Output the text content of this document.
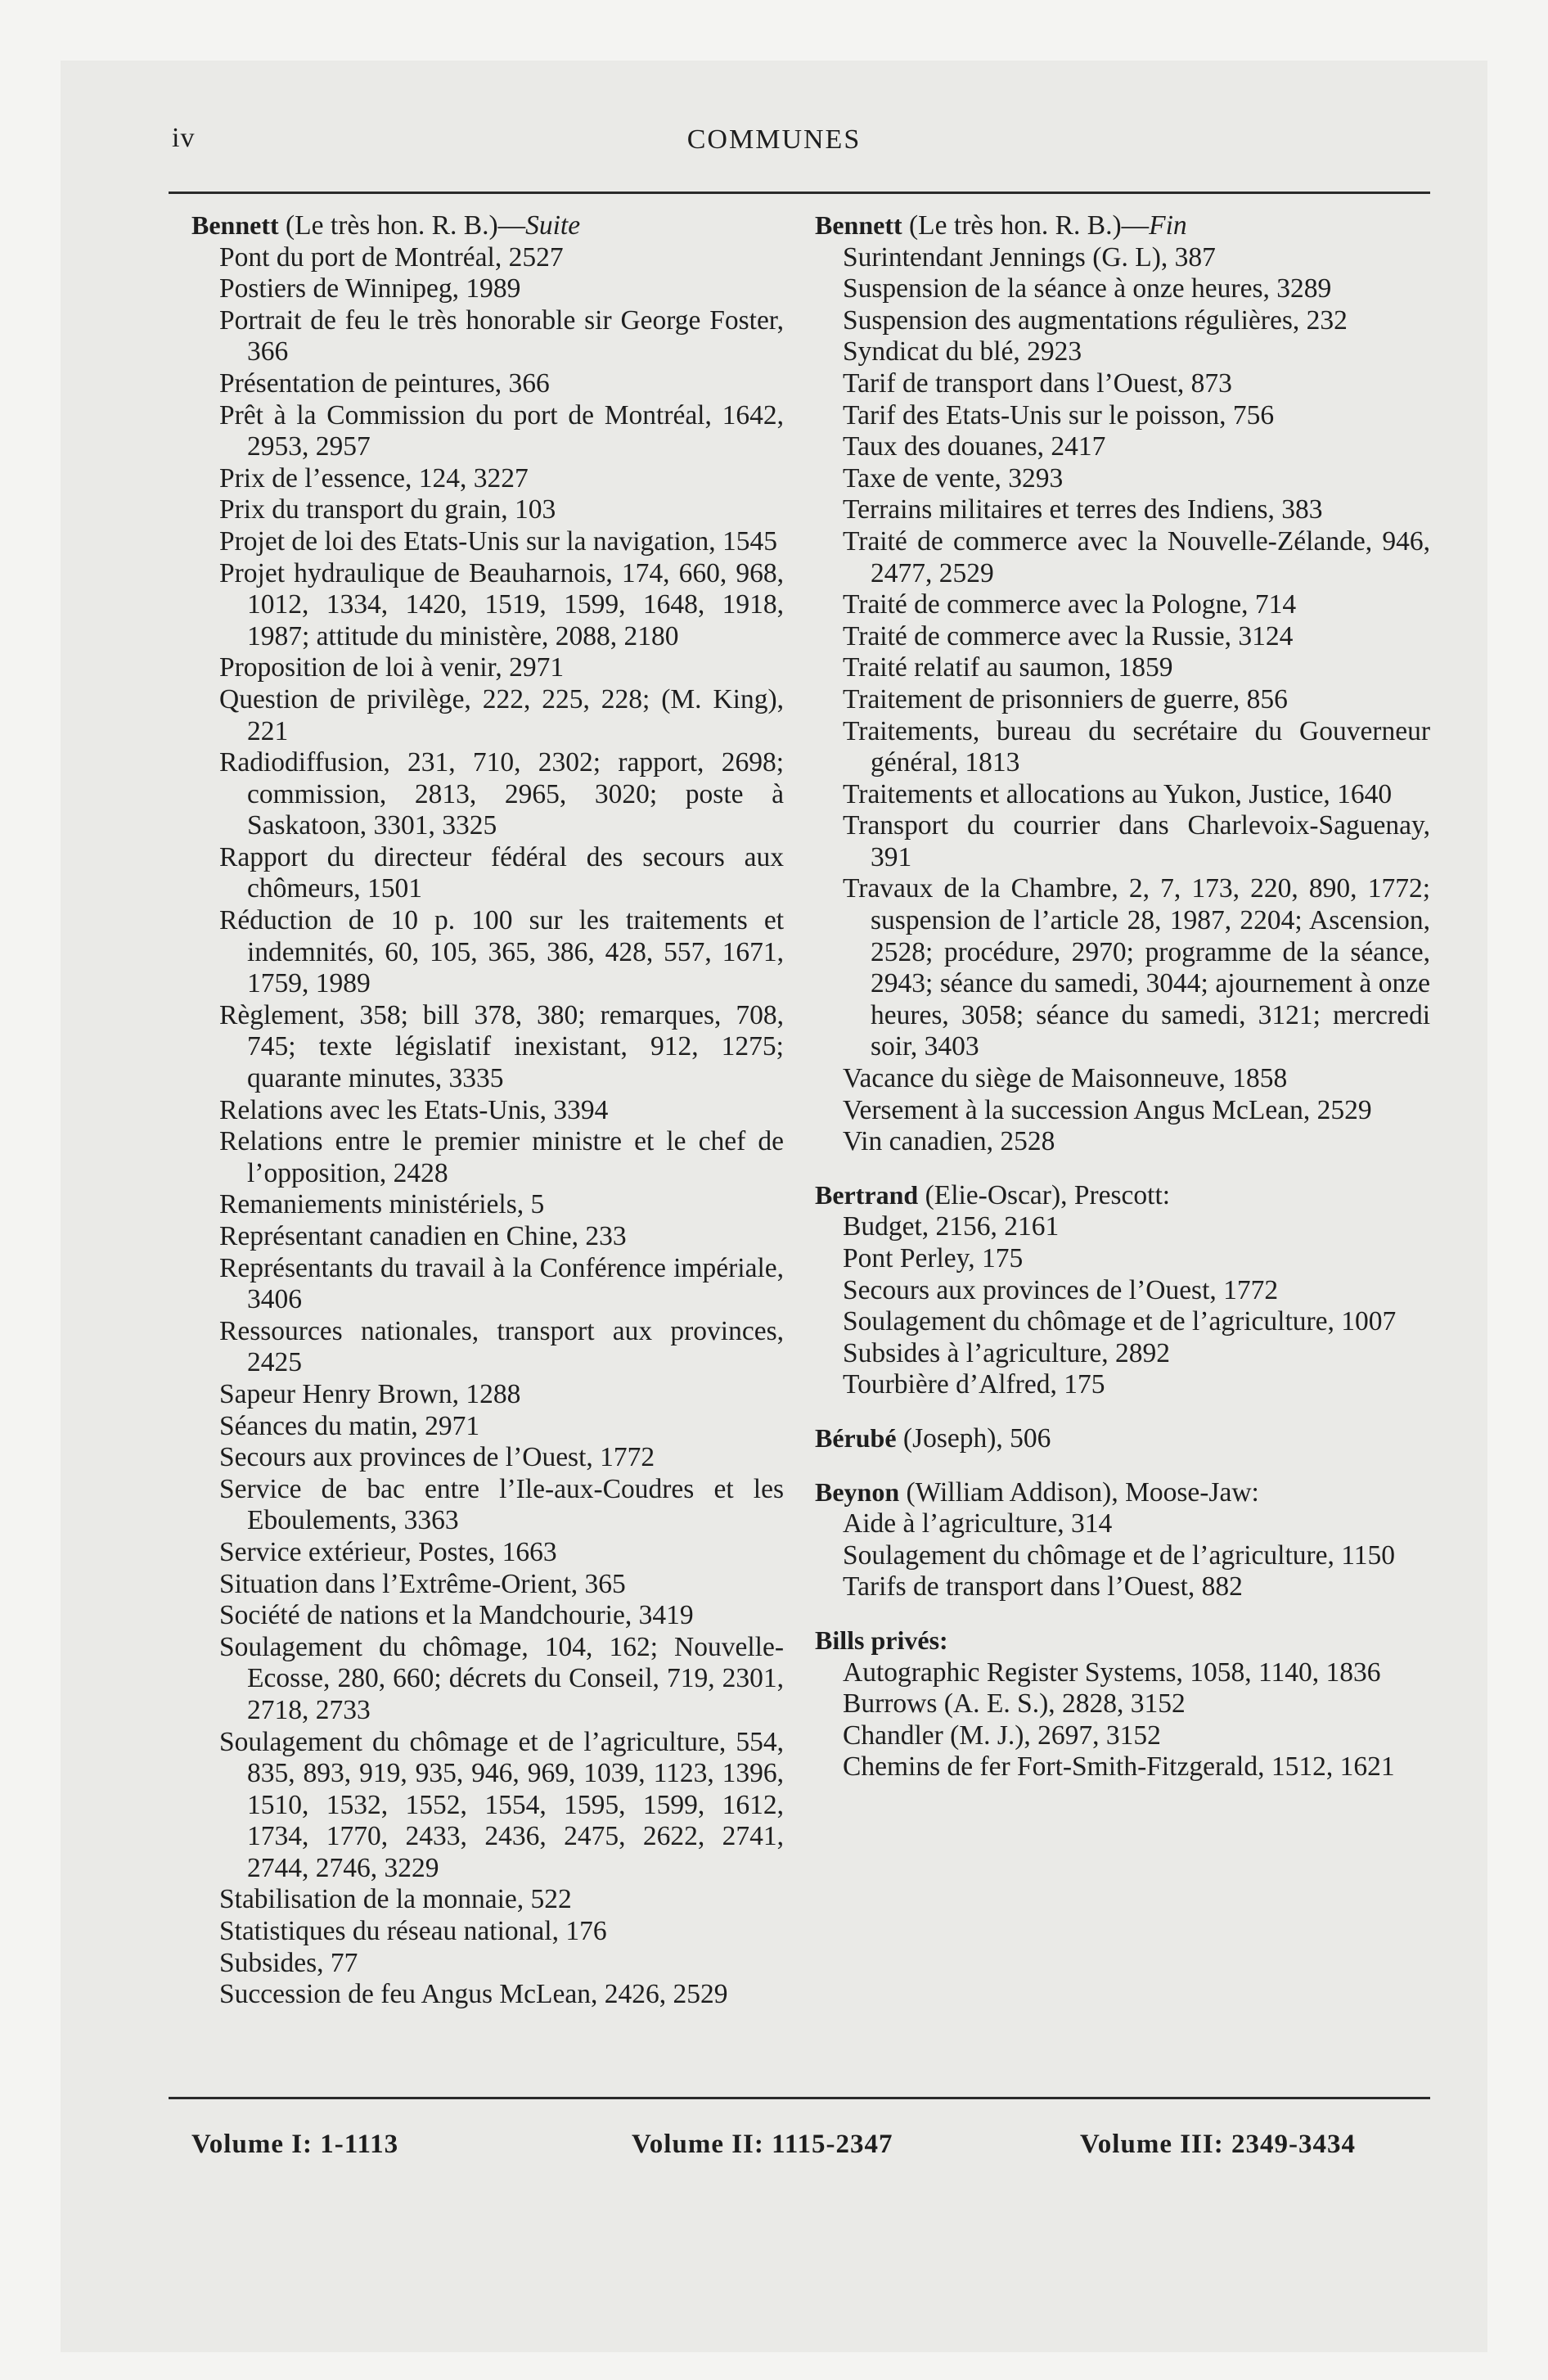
iv	COMMUNES

Bennett (Le très hon. R. B.)—Suite

Pont du port de Montréal, 2527

Postiers de Winnipeg, 1989

Portrait de feu le très honorable sir George Foster, 366

Présentation de peintures, 366

Prêt à la Commission du port de Montréal, 1642, 2953, 2957

Prix de l’essence, 124, 3227

Prix du transport du grain, 103

Projet de loi des Etats-Unis sur la navigation, 1545

Projet hydraulique de Beauharnois, 174, 660, 968, 1012, 1334, 1420, 1519, 1599, 1648, 1918, 1987; attitude du ministère, 2088, 2180

Proposition de loi à venir, 2971

Question de privilège, 222, 225, 228; (M. King), 221

Radiodiffusion, 231, 710, 2302; rapport, 2698; commission, 2813, 2965, 3020; poste à Saskatoon, 3301, 3325

Rapport du directeur fédéral des secours aux chômeurs, 1501

Réduction de 10 p. 100 sur les traitements et indemnités, 60, 105, 365, 386, 428, 557, 1671, 1759, 1989

Règlement, 358; bill 378, 380; remarques, 708, 745; texte législatif inexistant, 912, 1275; quarante minutes, 3335

Relations avec les Etats-Unis, 3394

Relations entre le premier ministre et le chef de l’opposition, 2428

Remaniements ministériels, 5

Représentant canadien en Chine, 233

Représentants du travail à la Conférence impériale, 3406

Ressources nationales, transport aux provinces, 2425

Sapeur Henry Brown, 1288

Séances du matin, 2971

Secours aux provinces de l’Ouest, 1772

Service de bac entre l’Ile-aux-Coudres et les Eboulements, 3363

Service extérieur, Postes, 1663

Situation dans l’Extrême-Orient, 365

Société de nations et la Mandchourie, 3419

Soulagement du chômage, 104, 162; Nouvelle-Ecosse, 280, 660; décrets du Conseil, 719, 2301, 2718, 2733

Soulagement du chômage et de l’agriculture, 554, 835, 893, 919, 935, 946, 969, 1039, 1123, 1396, 1510, 1532, 1552, 1554, 1595, 1599, 1612, 1734, 1770, 2433, 2436, 2475, 2622, 2741, 2744, 2746, 3229

Stabilisation de la monnaie, 522

Statistiques du réseau national, 176

Subsides, 77

Succession de feu Angus McLean, 2426, 2529

Bennett (Le très hon. R. B.)—Fin

Surintendant Jennings (G. L), 387

Suspension de la séance à onze heures, 3289

Suspension des augmentations régulières, 232

Syndicat du blé, 2923

Tarif de transport dans l’Ouest, 873

Tarif des Etats-Unis sur le poisson, 756

Taux des douanes, 2417

Taxe de vente, 3293

Terrains militaires et terres des Indiens, 383

Traité de commerce avec la Nouvelle-Zélande, 946, 2477, 2529

Traité de commerce avec la Pologne, 714

Traité de commerce avec la Russie, 3124

Traité relatif au saumon, 1859

Traitement de prisonniers de guerre, 856

Traitements, bureau du secrétaire du Gouverneur général, 1813

Traitements et allocations au Yukon, Justice, 1640

Transport du courrier dans Charlevoix-Saguenay, 391

Travaux de la Chambre, 2, 7, 173, 220, 890, 1772; suspension de l’article 28, 1987, 2204; Ascension, 2528; procédure, 2970; programme de la séance, 2943; séance du samedi, 3044; ajournement à onze heures, 3058; séance du samedi, 3121; mercredi soir, 3403

Vacance du siège de Maisonneuve, 1858

Versement à la succession Angus McLean, 2529

Vin canadien, 2528

Bertrand (Elie-Oscar), Prescott:

Budget, 2156, 2161

Pont Perley, 175

Secours aux provinces de l’Ouest, 1772

Soulagement du chômage et de l’agriculture, 1007

Subsides à l’agriculture, 2892

Tourbière d’Alfred, 175

Bérubé (Joseph), 506

Beynon (William Addison), Moose-Jaw:

Aide à l’agriculture, 314

Soulagement du chômage et de l’agriculture, 1150

Tarifs de transport dans l’Ouest, 882

Bills privés:

Autographic Register Systems, 1058, 1140, 1836

Burrows (A. E. S.), 2828, 3152

Chandler (M. J.), 2697, 3152

Chemins de fer Fort-Smith-Fitzgerald, 1512, 1621

Volume I: 1-1113	Volume II: 1115-2347	Volume III: 2349-3434
